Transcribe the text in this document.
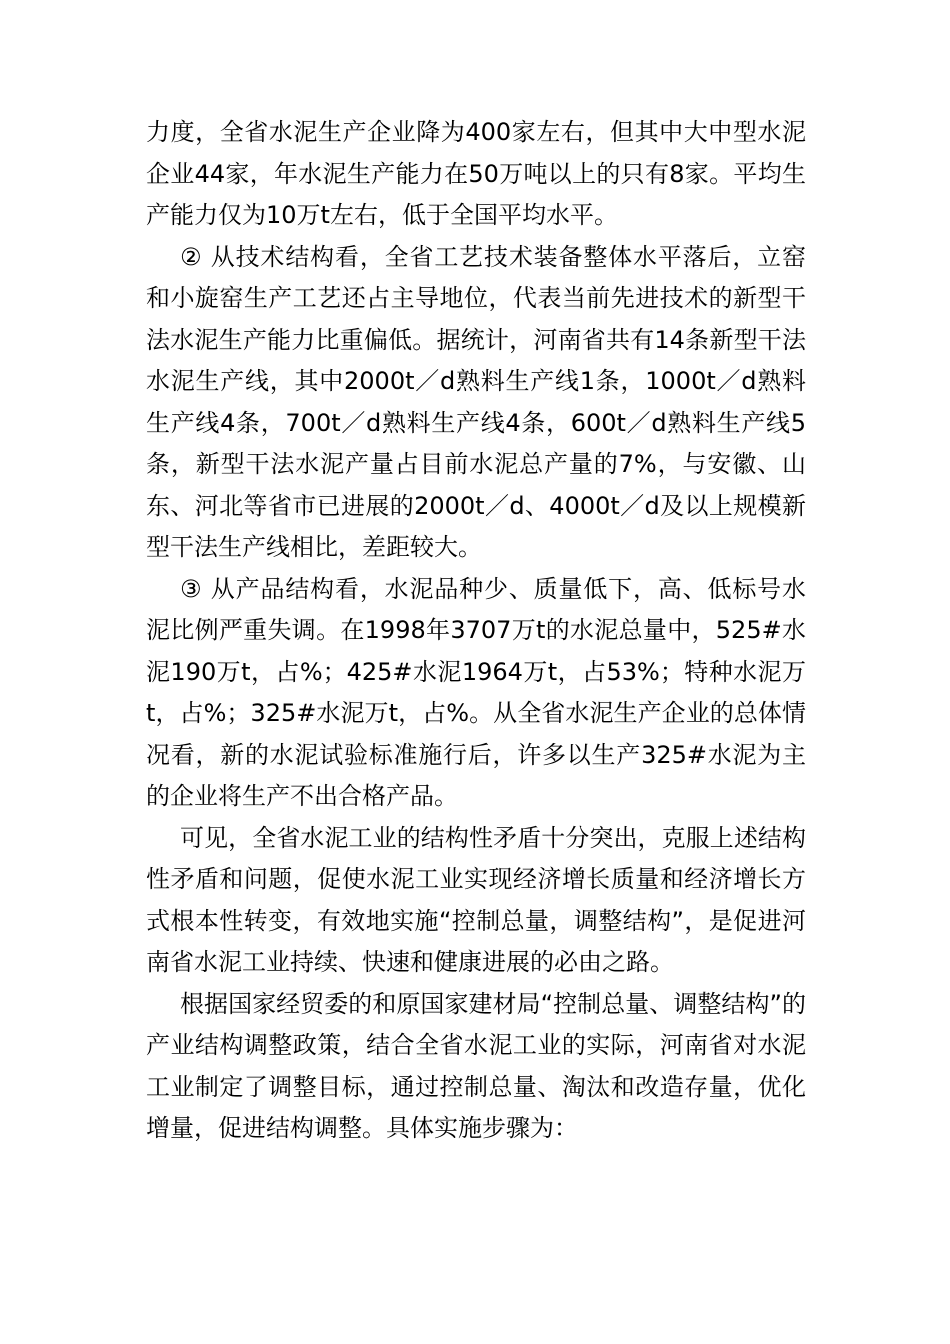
力度，全省水泥生产企业降为400家左右，但其中大中型水泥企业44家，年水泥生产能力在50万吨以上的只有8家。平均生产能力仅为10万t左右，低于全国平均水平。

② 从技术结构看，全省工艺技术装备整体水平落后，立窑和小旋窑生产工艺还占主导地位，代表当前先进技术的新型干法水泥生产能力比重偏低。据统计，河南省共有14条新型干法水泥生产线，其中2000t／d熟料生产线1条，1000t／d熟料生产线4条，700t／d熟料生产线4条，600t／d熟料生产线5条，新型干法水泥产量占目前水泥总产量的7%，与安徽、山东、河北等省市已进展的2000t／d、4000t／d及以上规模新型干法生产线相比，差距较大。

③ 从产品结构看，水泥品种少、质量低下，高、低标号水泥比例严重失调。在1998年3707万t的水泥总量中，525#水泥190万t，占%；425#水泥1964万t，占53%；特种水泥万t，占%；325#水泥万t，占%。从全省水泥生产企业的总体情况看，新的水泥试验标准施行后，许多以生产325#水泥为主的企业将生产不出合格产品。

可见，全省水泥工业的结构性矛盾十分突出，克服上述结构性矛盾和问题，促使水泥工业实现经济增长质量和经济增长方式根本性转变，有效地实施“控制总量，调整结构”，是促进河南省水泥工业持续、快速和健康进展的必由之路。

根据国家经贸委的和原国家建材局“控制总量、调整结构”的产业结构调整政策，结合全省水泥工业的实际，河南省对水泥工业制定了调整目标，通过控制总量、淘汰和改造存量，优化增量，促进结构调整。具体实施步骤为：
